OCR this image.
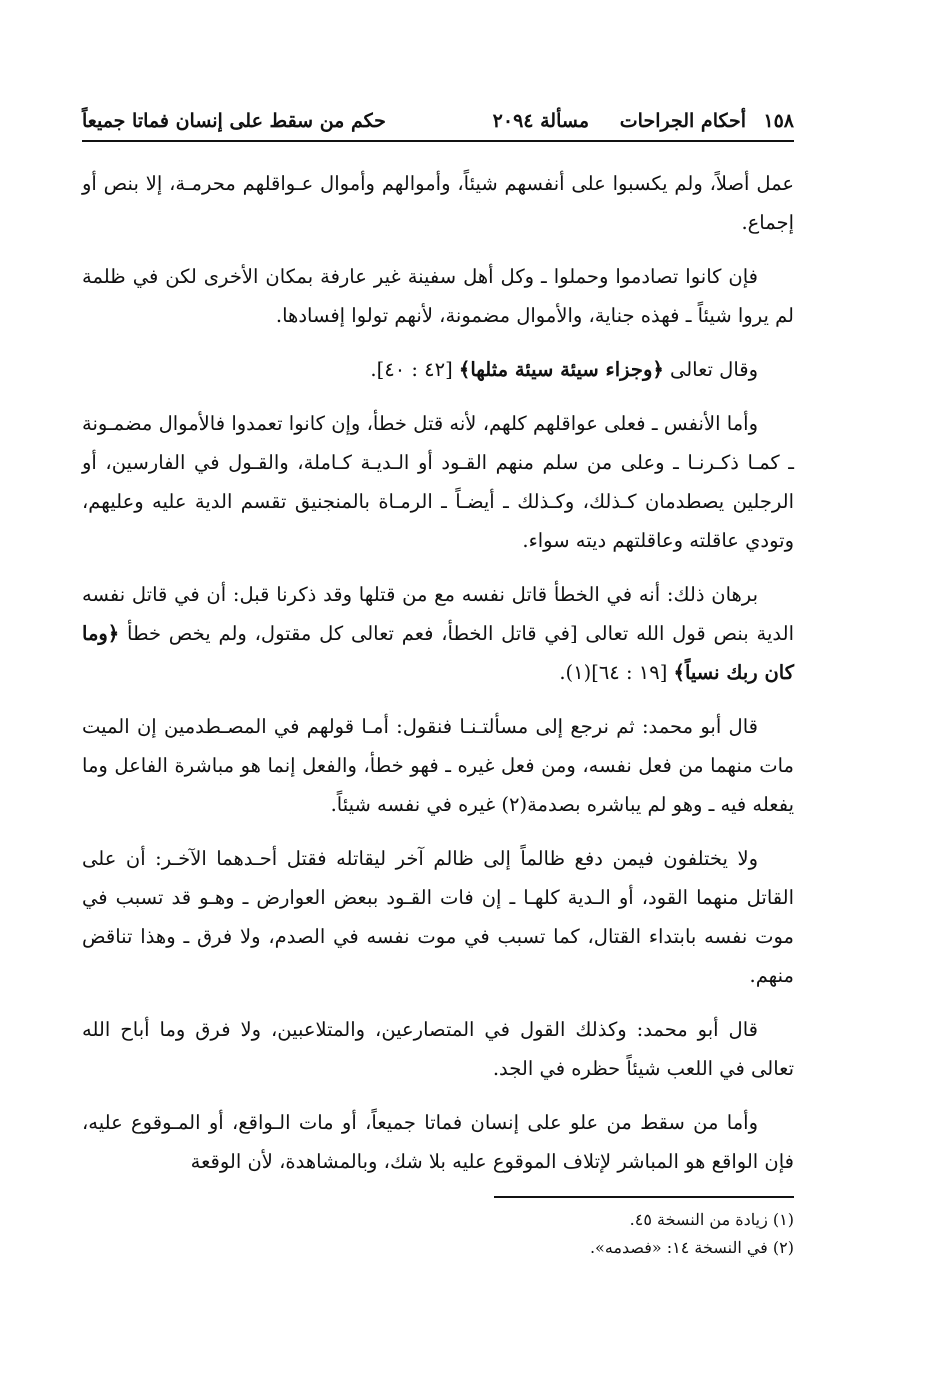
١٥٨
أحكام الجراحات
مسألة ٢٠٩٤
حكم من سقط على إنسان فماتا جميعاً

عمل أصلاً، ولم يكسبوا على أنفسهم شيئاً، وأموالهم وأموال عـواقلهم محرمـة، إلا بنص أو إجماع.

فإن كانوا تصادموا وحملوا ـ وكل أهل سفينة غير عارفة بمكان الأخرى لكن في ظلمة لم يروا شيئاً ـ فهذه جناية، والأموال مضمونة، لأنهم تولوا إفسادها.

وقال تعالى ﴿وجزاء سيئة سيئة مثلها﴾ [٤٢ : ٤٠].

وأما الأنفس ـ فعلى عواقلهم كلهم، لأنه قتل خطأ، وإن كانوا تعمدوا فالأموال مضمـونة ـ كمـا ذكـرنـا ـ وعلى من سلم منهم القـود أو الـديـة كـاملة، والقـول في الفارسين، أو الرجلين يصطدمان كـذلك، وكـذلك ـ أيضـاً ـ الرمـاة بالمنجنيق تقسم الدية عليه وعليهم، وتودي عاقلته وعاقلتهم ديته سواء.

برهان ذلك: أنه في الخطأ قاتل نفسه مع من قتلها وقد ذكرنا قبل: أن في قاتل نفسه الدية بنص قول الله تعالى [في قاتل الخطأ، فعم تعالى كل مقتول، ولم يخص خطأ ﴿وما كان ربك نسياً﴾ [١٩ : ٦٤](١).

قال أبو محمد: ثم نرجع إلى مسألتـنـا فنقول: أمـا قولهم في المصـطدمين إن الميت مات منهما من فعل نفسه، ومن فعل غيره ـ فهو خطأ، والفعل إنما هو مباشرة الفاعل وما يفعله فيه ـ وهو لم يباشره بصدمة(٢) غيره في نفسه شيئاً.

ولا يختلفون فيمن دفع ظالماً إلى ظالم آخر ليقاتله فقتل أحـدهما الآخـر: أن على القاتل منهما القود، أو الـدية كلهـا ـ إن فات القـود ببعض العوارض ـ وهـو قد تسبب في موت نفسه بابتداء القتال، كما تسبب في موت نفسه في الصدم، ولا فرق ـ وهذا تناقض منهم.

قال أبو محمد: وكذلك القول في المتصارعين، والمتلاعبين، ولا فرق وما أباح الله تعالى في اللعب شيئاً حظره في الجد.

وأما من سقط من علو على إنسان فماتا جميعاً، أو مات الـواقع، أو المـوقوع عليه، فإن الواقع هو المباشر لإتلاف الموقوع عليه بلا شك، وبالمشاهدة، لأن الوقعة

(١) زيادة من النسخة ٤٥.
(٢) في النسخة ١٤: «فصدمه».
